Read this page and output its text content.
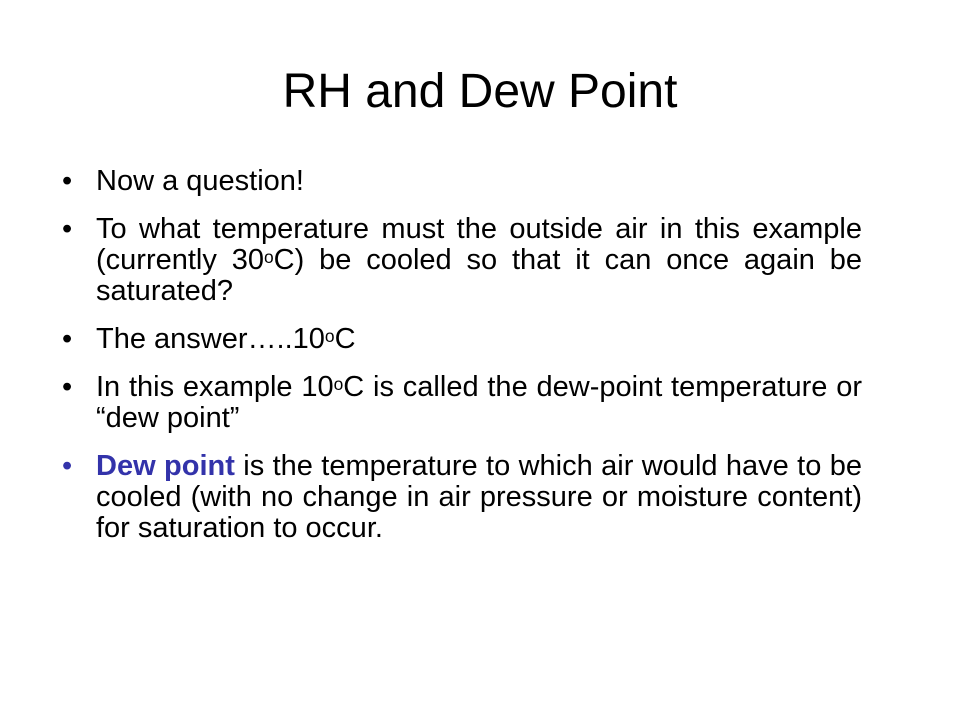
RH and Dew Point
• Now a question!
• To what temperature must the outside air in this example (currently 30$^o$C) be cooled so that it can once again be saturated?
• The answer…..10$^o$C
• In this example 10$^o$C is called the dew-point temperature or “dew point”
• Dew point is the temperature to which air would have to be cooled (with no change in air pressure or moisture content) for saturation to occur.
